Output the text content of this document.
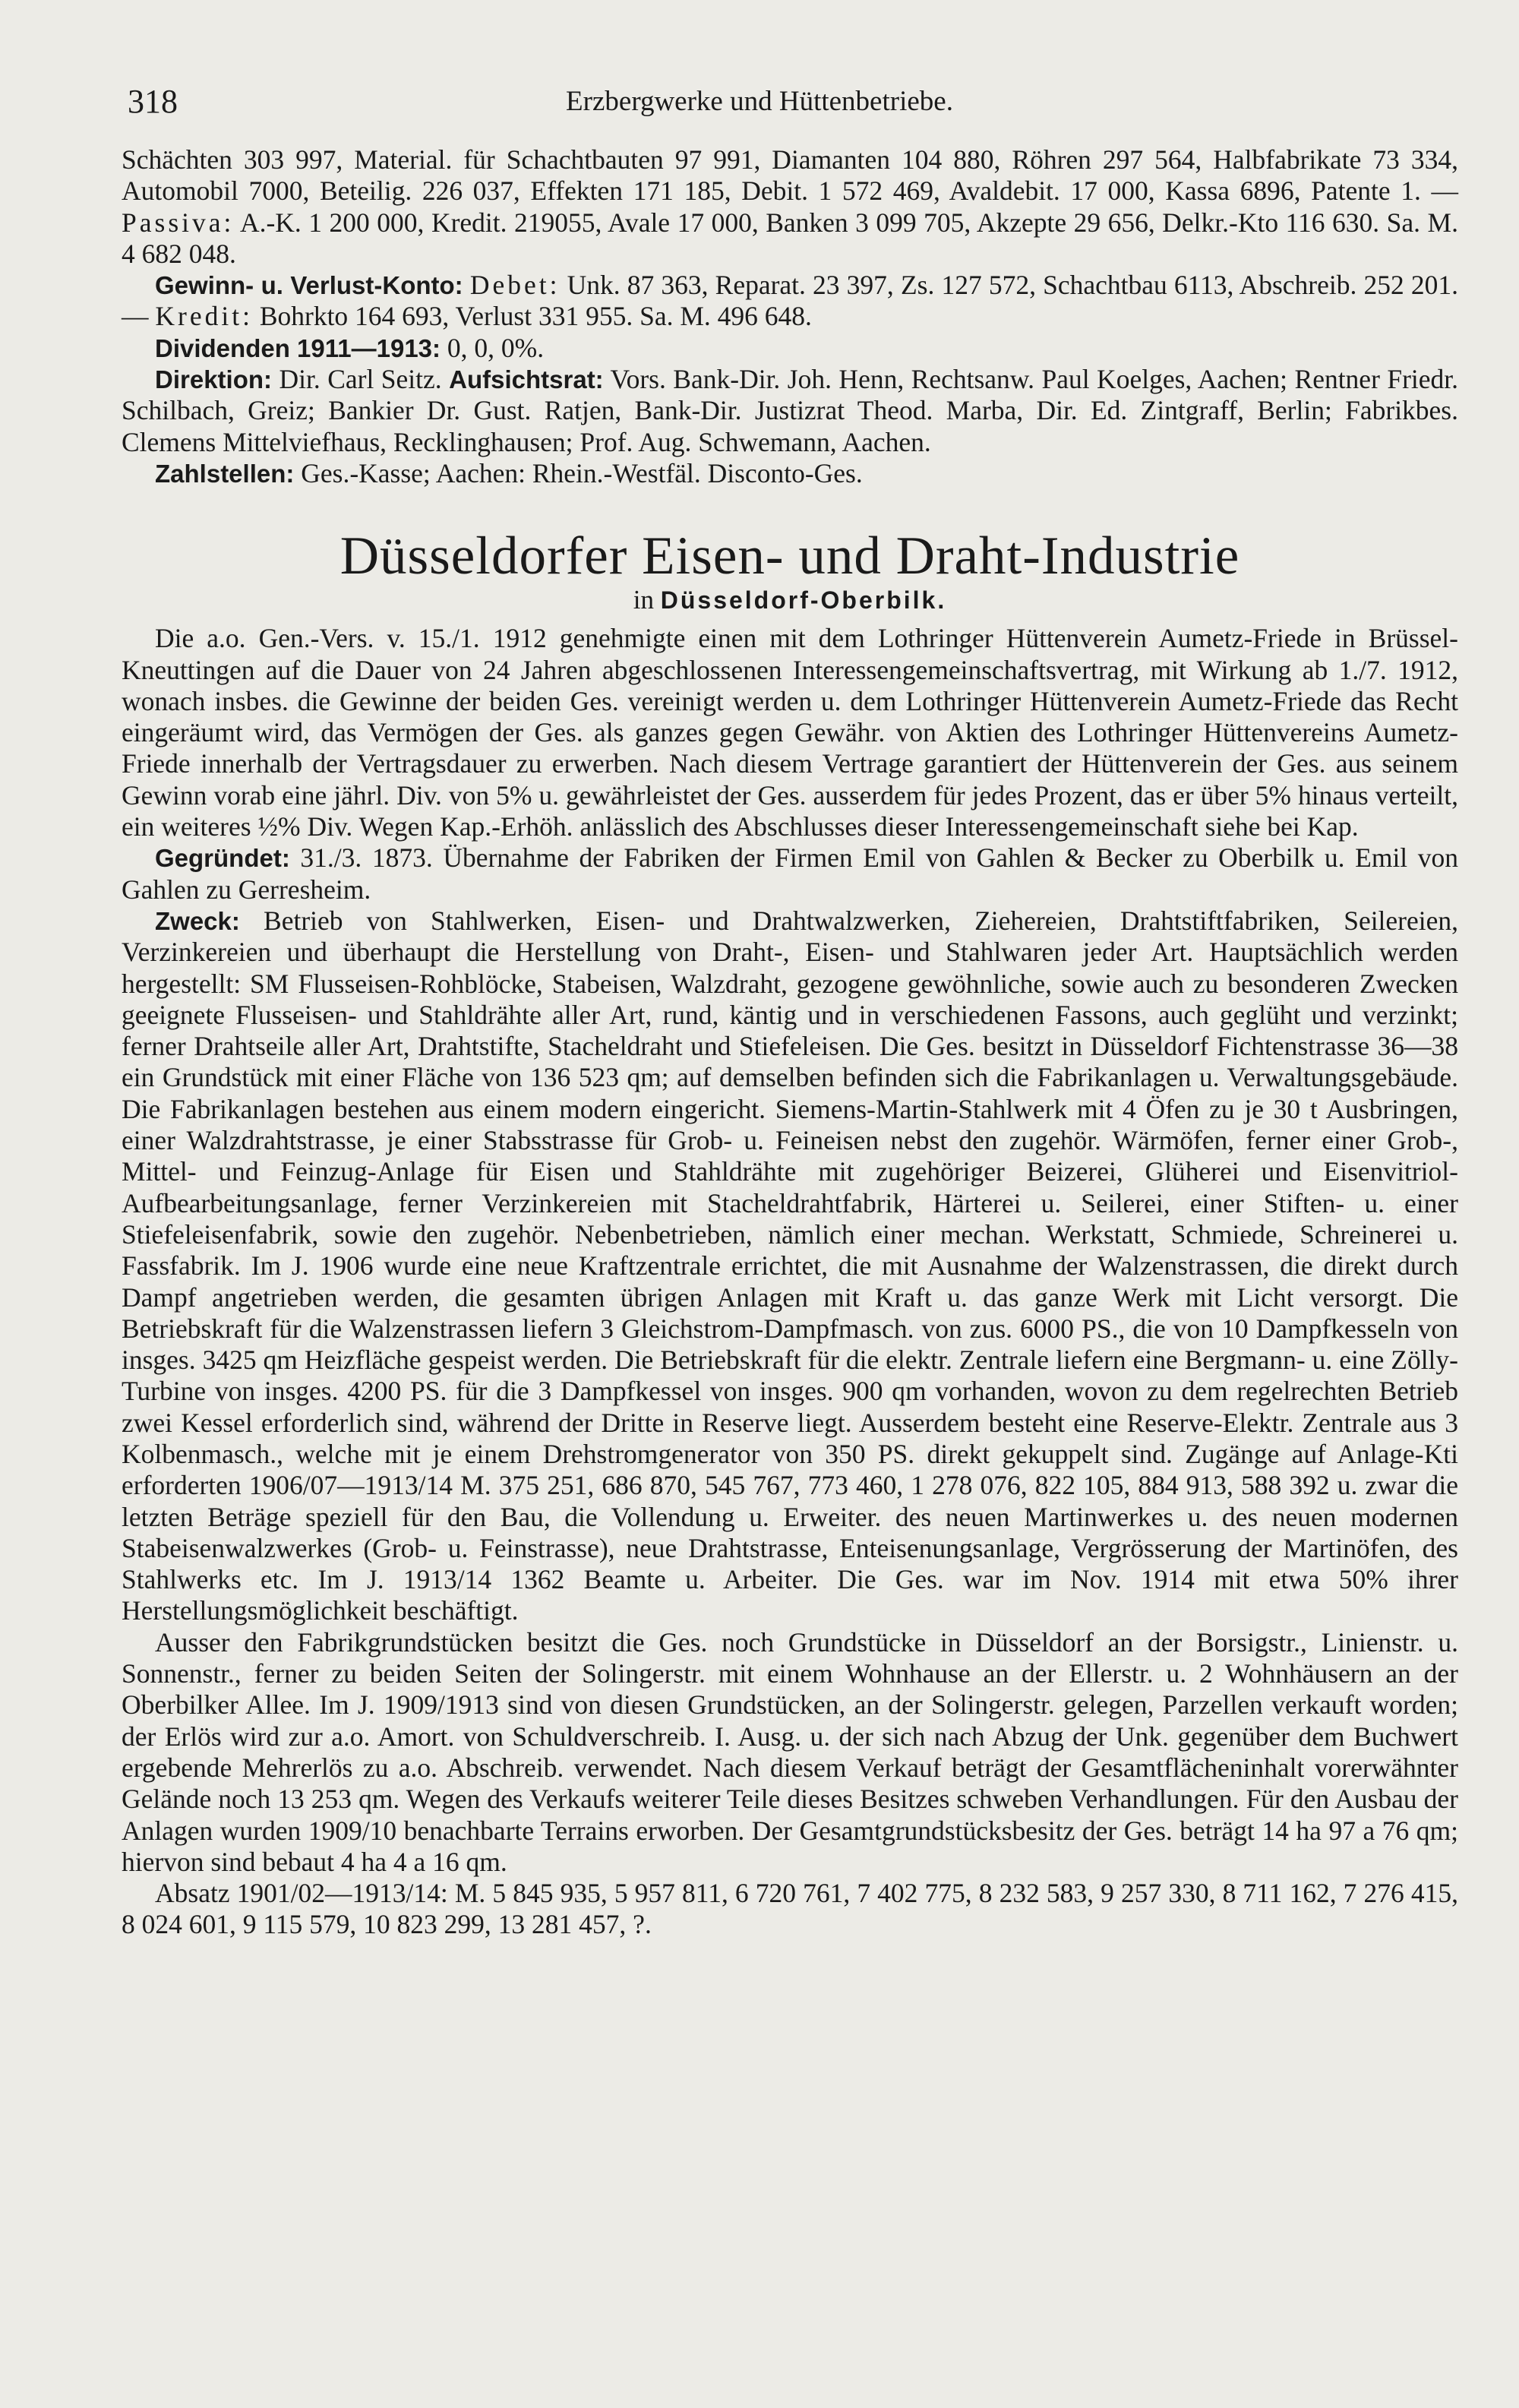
318	Erzbergwerke und Hüttenbetriebe.

Schächten 303 997, Material. für Schachtbauten 97 991, Diamanten 104 880, Röhren 297 564, Halbfabrikate 73 334, Automobil 7000, Beteilig. 226 037, Effekten 171 185, Debit. 1 572 469, Avaldebit. 17 000, Kassa 6896, Patente 1. — Passiva: A.-K. 1 200 000, Kredit. 219055, Avale 17 000, Banken 3 099 705, Akzepte 29 656, Delkr.-Kto 116 630. Sa. M. 4 682 048.

Gewinn- u. Verlust-Konto: Debet: Unk. 87 363, Reparat. 23 397, Zs. 127 572, Schachtbau 6113, Abschreib. 252 201. — Kredit: Bohrkto 164 693, Verlust 331 955. Sa. M. 496 648.

Dividenden 1911—1913: 0, 0, 0%.

Direktion: Dir. Carl Seitz. Aufsichtsrat: Vors. Bank-Dir. Joh. Henn, Rechtsanw. Paul Koelges, Aachen; Rentner Friedr. Schilbach, Greiz; Bankier Dr. Gust. Ratjen, Bank-Dir. Justizrat Theod. Marba, Dir. Ed. Zintgraff, Berlin; Fabrikbes. Clemens Mittelviefhaus, Recklinghausen; Prof. Aug. Schwemann, Aachen.

Zahlstellen: Ges.-Kasse; Aachen: Rhein.-Westfäl. Disconto-Ges.

Düsseldorfer Eisen- und Draht-Industrie
in Düsseldorf-Oberbilk.

Die a.o. Gen.-Vers. v. 15./1. 1912 genehmigte einen mit dem Lothringer Hüttenverein Aumetz-Friede in Brüssel-Kneuttingen auf die Dauer von 24 Jahren abgeschlossenen Interessengemeinschaftsvertrag, mit Wirkung ab 1./7. 1912, wonach insbes. die Gewinne der beiden Ges. vereinigt werden u. dem Lothringer Hüttenverein Aumetz-Friede das Recht eingeräumt wird, das Vermögen der Ges. als ganzes gegen Gewähr. von Aktien des Lothringer Hüttenvereins Aumetz-Friede innerhalb der Vertragsdauer zu erwerben. Nach diesem Vertrage garantiert der Hüttenverein der Ges. aus seinem Gewinn vorab eine jährl. Div. von 5% u. gewährleistet der Ges. ausserdem für jedes Prozent, das er über 5% hinaus verteilt, ein weiteres ½% Div. Wegen Kap.-Erhöh. anlässlich des Abschlusses dieser Interessengemeinschaft siehe bei Kap.

Gegründet: 31./3. 1873. Übernahme der Fabriken der Firmen Emil von Gahlen & Becker zu Oberbilk u. Emil von Gahlen zu Gerresheim.

Zweck: Betrieb von Stahlwerken, Eisen- und Drahtwalzwerken, Ziehereien, Drahtstiftfabriken, Seilereien, Verzinkereien und überhaupt die Herstellung von Draht-, Eisen- und Stahlwaren jeder Art. Hauptsächlich werden hergestellt: SM Flusseisen-Rohblöcke, Stabeisen, Walzdraht, gezogene gewöhnliche, sowie auch zu besonderen Zwecken geeignete Flusseisen- und Stahldrähte aller Art, rund, käntig und in verschiedenen Fassons, auch geglüht und verzinkt; ferner Drahtseile aller Art, Drahtstifte, Stacheldraht und Stiefeleisen. Die Ges. besitzt in Düsseldorf Fichtenstrasse 36—38 ein Grundstück mit einer Fläche von 136 523 qm; auf demselben befinden sich die Fabrikanlagen u. Verwaltungsgebäude. Die Fabrikanlagen bestehen aus einem modern eingericht. Siemens-Martin-Stahlwerk mit 4 Öfen zu je 30 t Ausbringen, einer Walzdrahtstrasse, je einer Stabsstrasse für Grob- u. Feineisen nebst den zugehör. Wärmöfen, ferner einer Grob-, Mittel- und Feinzug-Anlage für Eisen und Stahldrähte mit zugehöriger Beizerei, Glüherei und Eisenvitriol-Aufbearbeitungsanlage, ferner Verzinkereien mit Stacheldrahtfabrik, Härterei u. Seilerei, einer Stiften- u. einer Stiefeleisenfabrik, sowie den zugehör. Nebenbetrieben, nämlich einer mechan. Werkstatt, Schmiede, Schreinerei u. Fassfabrik. Im J. 1906 wurde eine neue Kraftzentrale errichtet, die mit Ausnahme der Walzenstrassen, die direkt durch Dampf angetrieben werden, die gesamten übrigen Anlagen mit Kraft u. das ganze Werk mit Licht versorgt. Die Betriebskraft für die Walzenstrassen liefern 3 Gleichstrom-Dampfmasch. von zus. 6000 PS., die von 10 Dampfkesseln von insges. 3425 qm Heizfläche gespeist werden. Die Betriebskraft für die elektr. Zentrale liefern eine Bergmann- u. eine Zölly-Turbine von insges. 4200 PS. für die 3 Dampfkessel von insges. 900 qm vorhanden, wovon zu dem regelrechten Betrieb zwei Kessel erforderlich sind, während der Dritte in Reserve liegt. Ausserdem besteht eine Reserve-Elektr. Zentrale aus 3 Kolbenmasch., welche mit je einem Drehstromgenerator von 350 PS. direkt gekuppelt sind. Zugänge auf Anlage-Kti erforderten 1906/07—1913/14 M. 375 251, 686 870, 545 767, 773 460, 1 278 076, 822 105, 884 913, 588 392 u. zwar die letzten Beträge speziell für den Bau, die Vollendung u. Erweiter. des neuen Martinwerkes u. des neuen modernen Stabeisenwalzwerkes (Grob- u. Feinstrasse), neue Drahtstrasse, Enteisenungsanlage, Vergrösserung der Martinöfen, des Stahlwerks etc. Im J. 1913/14 1362 Beamte u. Arbeiter. Die Ges. war im Nov. 1914 mit etwa 50% ihrer Herstellungsmöglichkeit beschäftigt.

Ausser den Fabrikgrundstücken besitzt die Ges. noch Grundstücke in Düsseldorf an der Borsigstr., Linienstr. u. Sonnenstr., ferner zu beiden Seiten der Solingerstr. mit einem Wohnhause an der Ellerstr. u. 2 Wohnhäusern an der Oberbilker Allee. Im J. 1909/1913 sind von diesen Grundstücken, an der Solingerstr. gelegen, Parzellen verkauft worden; der Erlös wird zur a.o. Amort. von Schuldverschreib. I. Ausg. u. der sich nach Abzug der Unk. gegenüber dem Buchwert ergebende Mehrerlös zu a.o. Abschreib. verwendet. Nach diesem Verkauf beträgt der Gesamtflächeninhalt vorerwähnter Gelände noch 13 253 qm. Wegen des Verkaufs weiterer Teile dieses Besitzes schweben Verhandlungen. Für den Ausbau der Anlagen wurden 1909/10 benachbarte Terrains erworben. Der Gesamtgrundstücksbesitz der Ges. beträgt 14 ha 97 a 76 qm; hiervon sind bebaut 4 ha 4 a 16 qm.

Absatz 1901/02—1913/14: M. 5 845 935, 5 957 811, 6 720 761, 7 402 775, 8 232 583, 9 257 330, 8 711 162, 7 276 415, 8 024 601, 9 115 579, 10 823 299, 13 281 457, ?.
